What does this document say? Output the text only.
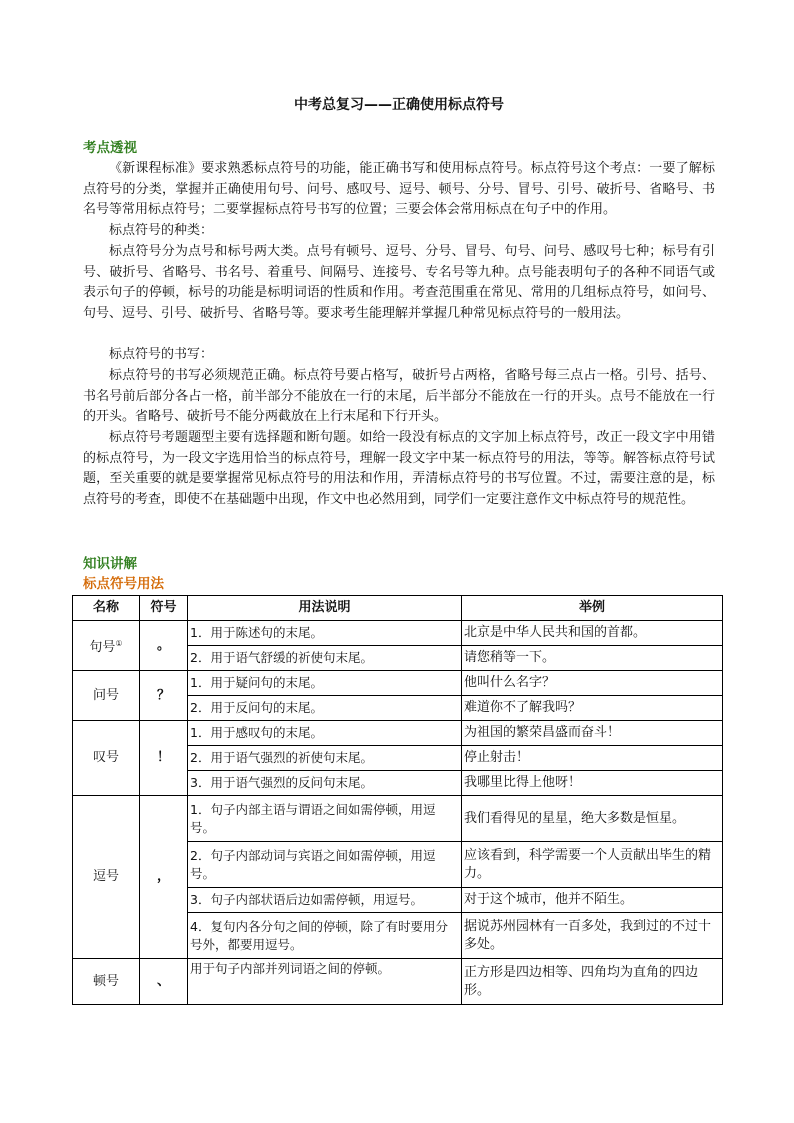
中考总复习——正确使用标点符号
考点透视

《新课程标准》要求熟悉标点符号的功能，能正确书写和使用标点符号。标点符号这个考点：一要了解标点符号的分类，掌握并正确使用句号、问号、感叹号、逗号、顿号、分号、冒号、引号、破折号、省略号、书名号等常用标点符号；二要掌握标点符号书写的位置；三要会体会常用标点在句子中的作用。

标点符号的种类：

标点符号分为点号和标号两大类。点号有顿号、逗号、分号、冒号、句号、问号、感叹号七种；标号有引号、破折号、省略号、书名号、着重号、间隔号、连接号、专名号等九种。点号能表明句子的各种不同语气或表示句子的停顿，标号的功能是标明词语的性质和作用。考查范围重在常见、常用的几组标点符号，如问号、句号、逗号、引号、破折号、省略号等。要求考生能理解并掌握几种常见标点符号的一般用法。

标点符号的书写：

标点符号的书写必须规范正确。标点符号要占格写，破折号占两格，省略号每三点占一格。引号、括号、书名号前后部分各占一格，前半部分不能放在一行的末尾，后半部分不能放在一行的开头。点号不能放在一行的开头。省略号、破折号不能分两截放在上行末尾和下行开头。

标点符号考题题型主要有选择题和断句题。如给一段没有标点的文字加上标点符号，改正一段文字中用错的标点符号，为一段文字选用恰当的标点符号，理解一段文字中某一标点符号的用法，等等。解答标点符号试题，至关重要的就是要掌握常见标点符号的用法和作用，弄清标点符号的书写位置。不过，需要注意的是，标点符号的考查，即使不在基础题中出现，作文中也必然用到，同学们一定要注意作文中标点符号的规范性。

知识讲解
标点符号用法
名称	符号	用法说明	举例
句号①	。	1．用于陈述句的末尾。	北京是中华人民共和国的首都。
		2．用于语气舒缓的祈使句末尾。	请您稍等一下。
问号	？	1．用于疑问句的末尾。	他叫什么名字？
		2．用于反问句的末尾。	难道你不了解我吗？
叹号	！	1．用于感叹句的末尾。	为祖国的繁荣昌盛而奋斗！
		2．用于语气强烈的祈使句末尾。	停止射击！
		3．用于语气强烈的反问句末尾。	我哪里比得上他呀！
逗号	，	1．句子内部主语与谓语之间如需停顿，用逗号。	我们看得见的星星，绝大多数是恒星。
		2．句子内部动词与宾语之间如需停顿，用逗号。	应该看到，科学需要一个人贡献出毕生的精力。
		3．句子内部状语后边如需停顿，用逗号。	对于这个城市，他并不陌生。
		4．复句内各分句之间的停顿，除了有时要用分号外，都要用逗号。	据说苏州园林有一百多处，我到过的不过十多处。
顿号	、	用于句子内部并列词语之间的停顿。	正方形是四边相等、四角均为直角的四边形。
